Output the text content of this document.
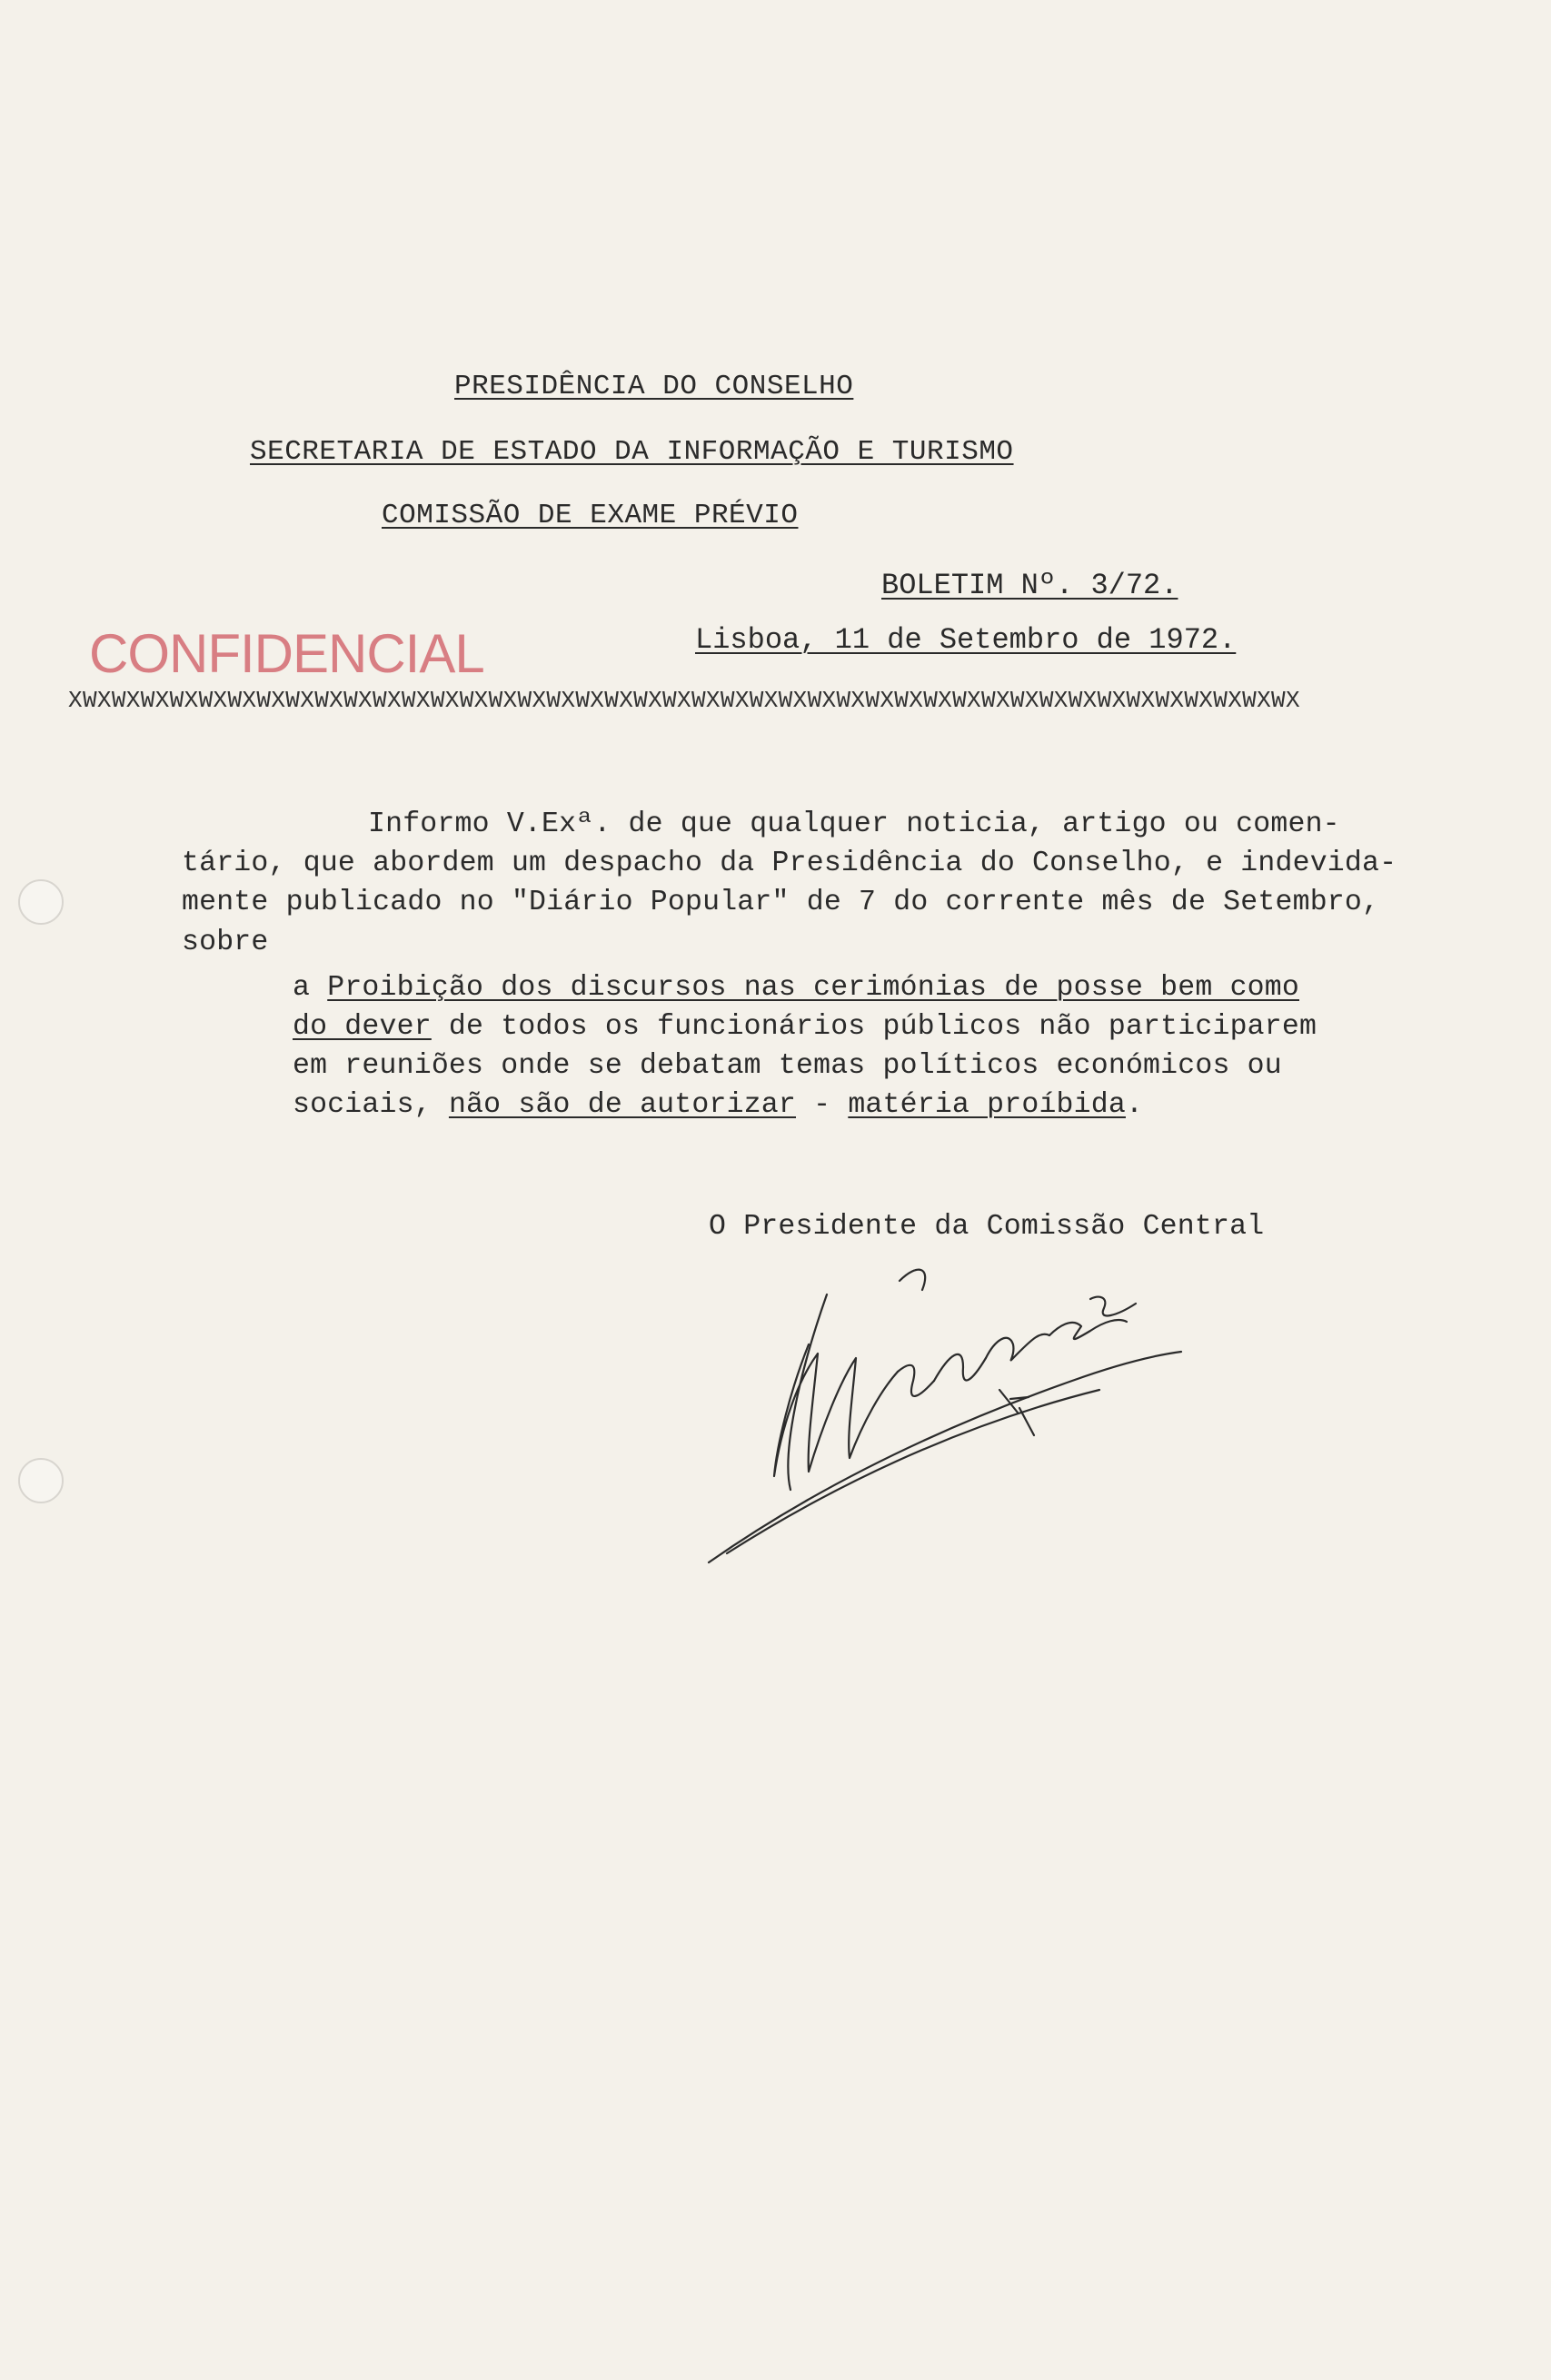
PRESIDÊNCIA DO CONSELHO
SECRETARIA DE ESTADO DA INFORMAÇÃO E TURISMO
COMISSÃO DE EXAME PRÉVIO
BOLETIM Nº. 3/72.
CONFIDENCIAL	Lisboa, 11 de Setembro de 1972.
XWXWXWXWXWXWXWXWXWXWXWXWXWXWXWXWXWXWXWXWXWXWXWXWXWXWXWXWXWXWXWXWXWXWXWXWXWXWXWXWXWXWX
Informo V.Exª. de que qualquer noticia, artigo ou comen-
tário, que abordem um despacho da Presidência do Conselho, e indevida-
mente publicado no "Diário Popular" de 7 do corrente mês de Setembro,
sobre
a Proibição dos discursos nas cerimónias de posse bem como
do dever de todos os funcionários públicos não participarem
em reuniões onde se debatam temas políticos económicos ou
sociais, não são de autorizar - matéria proíbida.
O Presidente da Comissão Central
